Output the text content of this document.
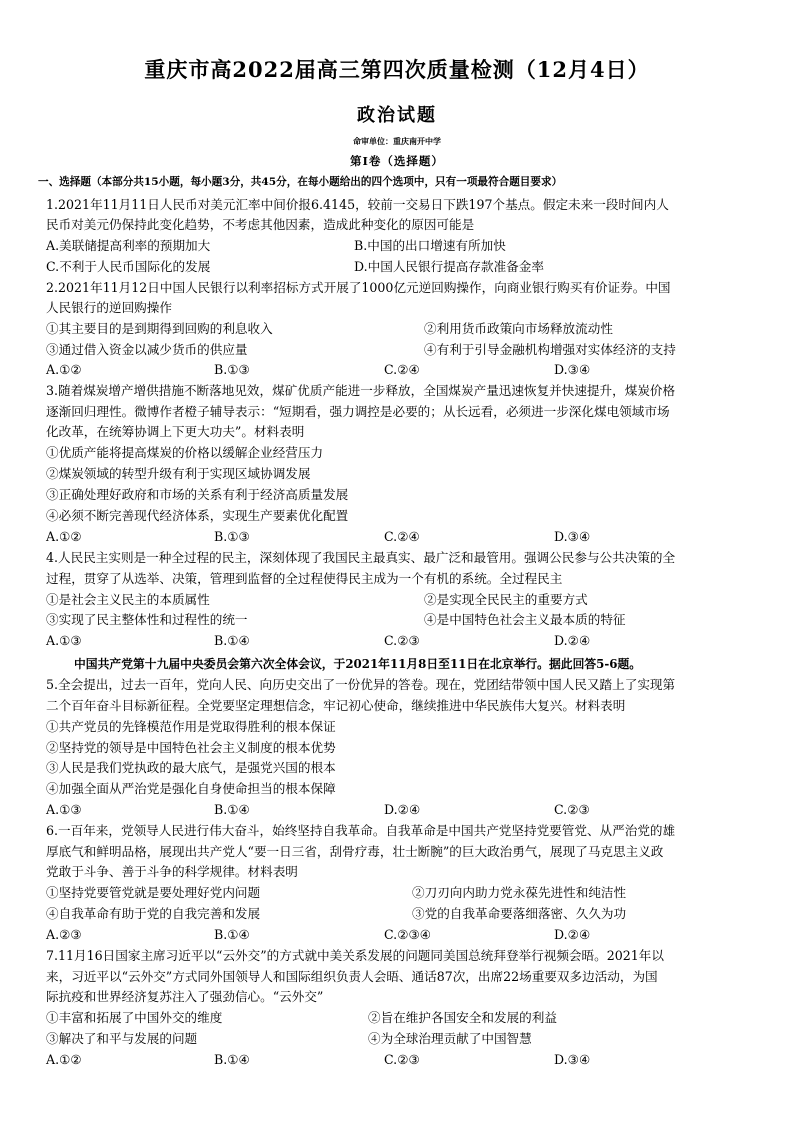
重庆市高2022届高三第四次质量检测（12月4日）
政治试题
命审单位：重庆南开中学
第Ⅰ卷（选择题）
一、选择题（本部分共15小题，每小题3分，共45分，在每小题给出的四个选项中，只有一项最符合题目要求）
1.2021年11月11日人民币对美元汇率中间价报6.4145，较前一交易日下跌197个基点。假定未来一段时间内人
民币对美元仍保持此变化趋势，不考虑其他因素，造成此种变化的原因可能是
A.美联储提高利率的预期加大	B.中国的出口增速有所加快
C.不利于人民币国际化的发展	D.中国人民银行提高存款准备金率
2.2021年11月12日中国人民银行以利率招标方式开展了1000亿元逆回购操作，向商业银行购买有价证券。中国
人民银行的逆回购操作
①其主要目的是到期得到回购的利息收入	②利用货币政策向市场释放流动性
③通过借入资金以减少货币的供应量	④有利于引导金融机构增强对实体经济的支持
A.①②	B.①③	C.②④	D.③④
3.随着煤炭增产增供措施不断落地见效，煤矿优质产能进一步释放，全国煤炭产量迅速恢复并快速提升，煤炭价格
逐渐回归理性。微博作者橙子辅导表示：“短期看，强力调控是必要的；从长远看，必须进一步深化煤电领域市场
化改革，在统筹协调上下更大功夫”。材料表明
①优质产能将提高煤炭的价格以缓解企业经营压力
②煤炭领域的转型升级有利于实现区域协调发展
③正确处理好政府和市场的关系有利于经济高质量发展
④必须不断完善现代经济体系，实现生产要素优化配置
A.①②	B.①③	C.②④	D.③④
4.人民民主实则是一种全过程的民主，深刻体现了我国民主最真实、最广泛和最管用。强调公民参与公共决策的全
过程，贯穿了从选举、决策，管理到监督的全过程使得民主成为一个有机的系统。全过程民主
①是社会主义民主的本质属性	②是实现全民民主的重要方式
③实现了民主整体性和过程性的统一	④是中国特色社会主义最本质的特征
A.①③	B.①④	C.②③	D.②④
中国共产党第十九届中央委员会第六次全体会议，于2021年11月8日至11日在北京举行。据此回答5-6题。
5.全会提出，过去一百年，党向人民、向历史交出了一份优异的答卷。现在，党团结带领中国人民又踏上了实现第
二个百年奋斗目标新征程。全党要坚定理想信念，牢记初心使命，继续推进中华民族伟大复兴。材料表明
①共产党员的先锋模范作用是党取得胜利的根本保证
②坚持党的领导是中国特色社会主义制度的根本优势
③人民是我们党执政的最大底气，是强党兴国的根本
④加强全面从严治党是强化自身使命担当的根本保障
A.①③	B.①④	D.②④	C.②③
6.一百年来，党领导人民进行伟大奋斗，始终坚持自我革命。自我革命是中国共产党坚持党要管党、从严治党的雄
厚底气和鲜明品格，展现出共产党人“要一日三省，刮骨疗毒，壮士断腕”的巨大政治勇气，展现了马克思主义政
党敢于斗争、善于斗争的科学规律。材料表明
①坚持党要管党就是要处理好党内问题	②刀刃向内助力党永葆先进性和纯洁性
④自我革命有助于党的自我完善和发展	③党的自我革命要落细落密、久久为功
A.②③	B.①④	C.②③④	D.②④
7.11月16日国家主席习近平以“云外交”的方式就中美关系发展的问题同美国总统拜登举行视频会晤。2021年以
来，习近平以“云外交”方式同外国领导人和国际组织负责人会晤、通话87次，出席22场重要双多边活动，为国
际抗疫和世界经济复苏注入了强劲信心。“云外交”
①丰富和拓展了中国外交的维度	②旨在维护各国安全和发展的利益
③解决了和平与发展的问题	④为全球治理贡献了中国智慧
A.①②	B.①④	C.②③	D.③④
